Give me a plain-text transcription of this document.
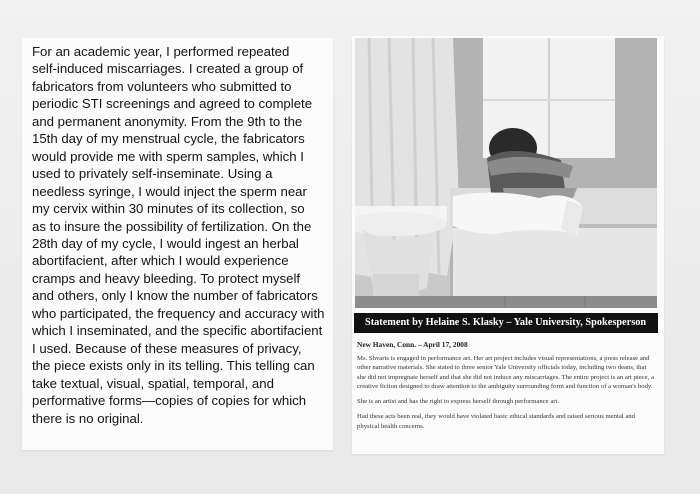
For an academic year, I performed repeated
self-induced miscarriages. I created a group of
fabricators from volunteers who submitted to
periodic STI screenings and agreed to complete
and permanent anonymity. From the 9th to the
15th day of my menstrual cycle, the fabricators
would provide me with sperm samples, which I
used to privately self-inseminate. Using a
needless syringe, I would inject the sperm near
my cervix within 30 minutes of its collection, so
as to insure the possibility of fertilization. On the
28th day of my cycle, I would ingest an herbal
abortifacient, after which I would experience
cramps and heavy bleeding. To protect myself
and others, only I know the number of fabricators
who participated, the frequency and accuracy with
which I inseminated, and the specific abortifacient
I used. Because of these measures of privacy,
the piece exists only in its telling. This telling can
take textual, visual, spatial, temporal, and
performative forms—copies of copies for which
there is no original.
Statement by Helaine S. Klasky – Yale University, Spokesperson
New Haven, Conn. – April 17, 2008

Ms. Shvarts is engaged in performance art. Her art project includes visual representations, a press release and other narrative materials. She stated to three senior Yale University officials today, including two deans, that she did not impregnate herself and that she did not induce any miscarriages. The entire project is an art piece, a creative fiction designed to draw attention to the ambiguity surrounding form and function of a woman's body.

She is an artist and has the right to express herself through performance art.

Had these acts been real, they would have violated basic ethical standards and raised serious mental and physical health concerns.
